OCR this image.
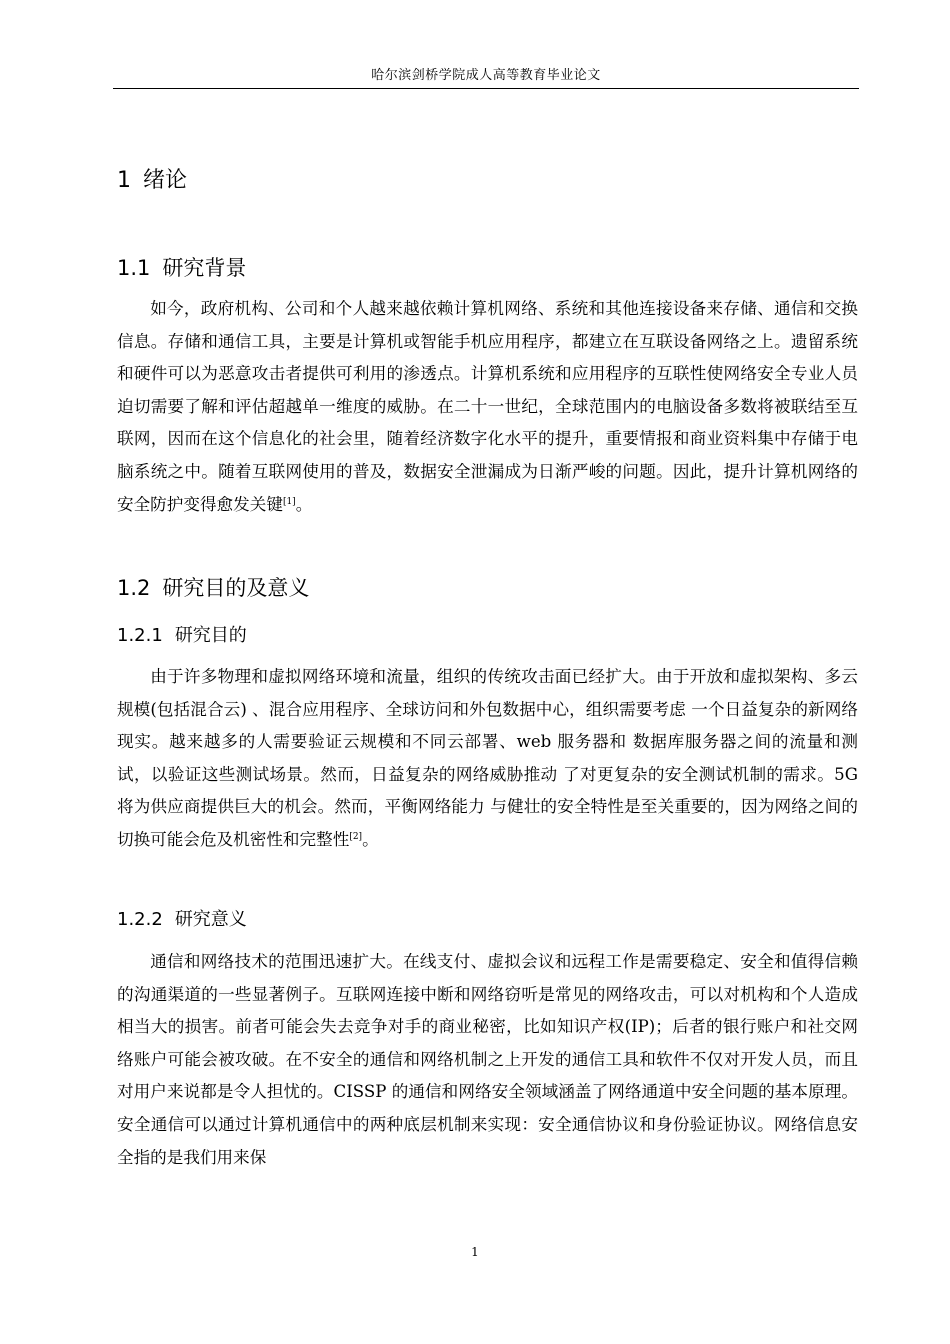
哈尔滨剑桥学院成人高等教育毕业论文
1 绪论
1.1 研究背景

如今，政府机构、公司和个人越来越依赖计算机网络、系统和其他连接设备来存储、通信和交换信息。存储和通信工具，主要是计算机或智能手机应用程序，都建立在互联设备网络之上。遗留系统和硬件可以为恶意攻击者提供可利用的渗透点。计算机系统和应用程序的互联性使网络安全专业人员迫切需要了解和评估超越单一维度的威胁。在二十一世纪，全球范围内的电脑设备多数将被联结至互联网，因而在这个信息化的社会里，随着经济数字化水平的提升，重要情报和商业资料集中存储于电脑系统之中。随着互联网使用的普及，数据安全泄漏成为日渐严峻的问题。因此，提升计算机网络的安全防护变得愈发关键[1]。

1.2 研究目的及意义
1.2.1 研究目的

由于许多物理和虚拟网络环境和流量，组织的传统攻击面已经扩大。由于开放和虚拟架构、多云规模(包括混合云) 、混合应用程序、全球访问和外包数据中心，组织需要考虑 一个日益复杂的新网络现实。越来越多的人需要验证云规模和不同云部署、web 服务器和 数据库服务器之间的流量和测试，以验证这些测试场景。然而，日益复杂的网络威胁推动 了对更复杂的安全测试机制的需求。5G 将为供应商提供巨大的机会。然而，平衡网络能力 与健壮的安全特性是至关重要的，因为网络之间的切换可能会危及机密性和完整性[2]。

1.2.2 研究意义

通信和网络技术的范围迅速扩大。在线支付、虚拟会议和远程工作是需要稳定、安全和值得信赖的沟通渠道的一些显著例子。互联网连接中断和网络窃听是常见的网络攻击，可以对机构和个人造成相当大的损害。前者可能会失去竞争对手的商业秘密，比如知识产权(IP)；后者的银行账户和社交网络账户可能会被攻破。在不安全的通信和网络机制之上开发的通信工具和软件不仅对开发人员，而且对用户来说都是令人担忧的。CISSP 的通信和网络安全领域涵盖了网络通道中安全问题的基本原理。安全通信可以通过计算机通信中的两种底层机制来实现：安全通信协议和身份验证协议。网络信息安全指的是我们用来保

1
